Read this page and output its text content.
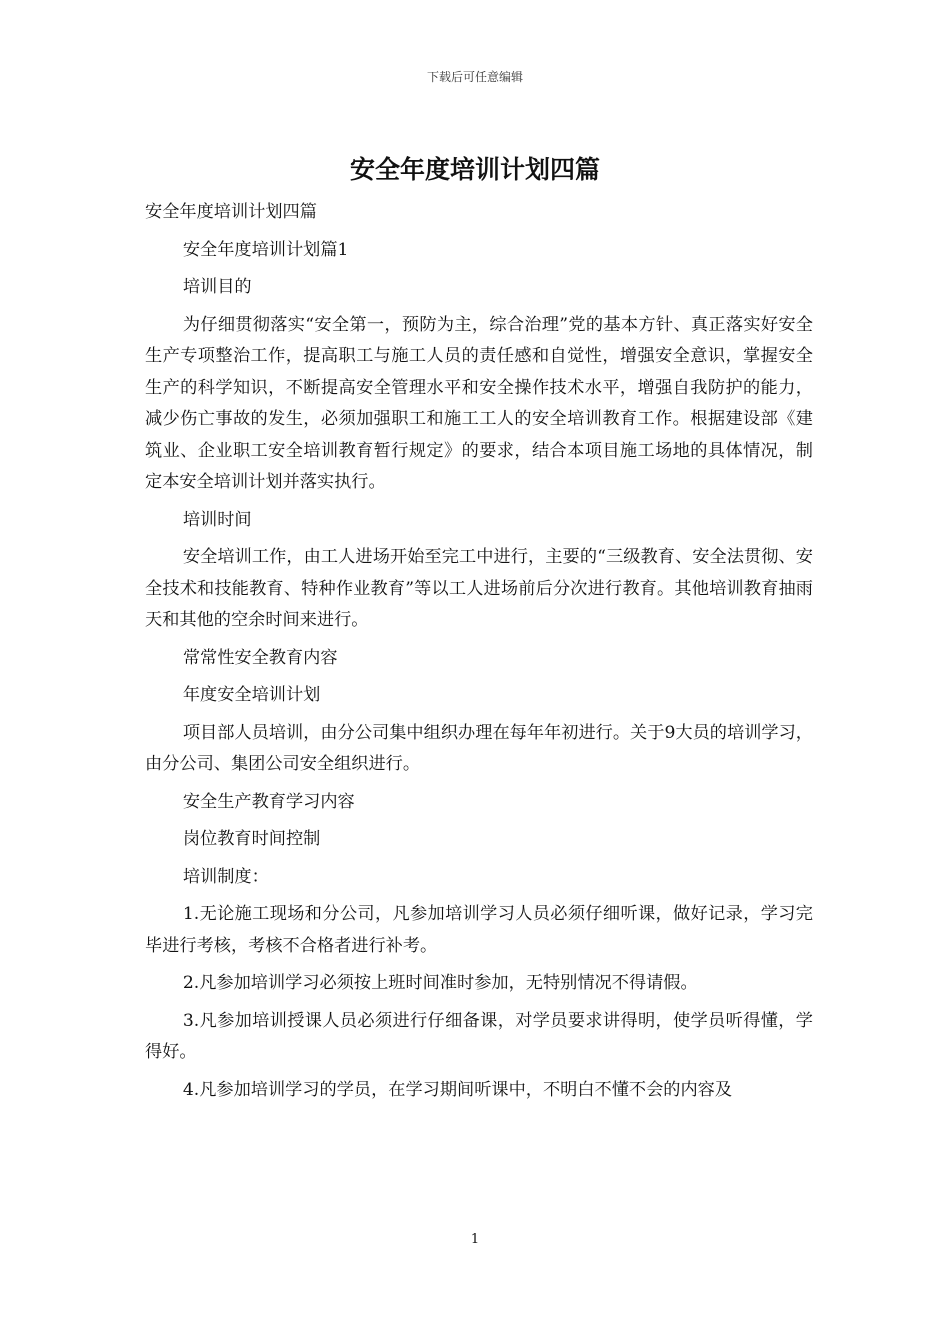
下载后可任意编辑
安全年度培训计划四篇

安全年度培训计划四篇

安全年度培训计划篇1

培训目的

为仔细贯彻落实“安全第一，预防为主，综合治理”党的基本方针、真正落实好安全生产专项整治工作，提高职工与施工人员的责任感和自觉性，增强安全意识，掌握安全生产的科学知识，不断提高安全管理水平和安全操作技术水平，增强自我防护的能力，减少伤亡事故的发生，必须加强职工和施工工人的安全培训教育工作。根据建设部《建筑业、企业职工安全培训教育暂行规定》的要求，结合本项目施工场地的具体情况，制定本安全培训计划并落实执行。

培训时间

安全培训工作，由工人进场开始至完工中进行，主要的“三级教育、安全法贯彻、安全技术和技能教育、特种作业教育”等以工人进场前后分次进行教育。其他培训教育抽雨天和其他的空余时间来进行。

常常性安全教育内容

年度安全培训计划

项目部人员培训，由分公司集中组织办理在每年年初进行。关于9大员的培训学习，由分公司、集团公司安全组织进行。

安全生产教育学习内容

岗位教育时间控制

培训制度：

1.无论施工现场和分公司，凡参加培训学习人员必须仔细听课，做好记录，学习完毕进行考核，考核不合格者进行补考。

2.凡参加培训学习必须按上班时间准时参加，无特别情况不得请假。

3.凡参加培训授课人员必须进行仔细备课，对学员要求讲得明，使学员听得懂，学得好。

4.凡参加培训学习的学员，在学习期间听课中，不明白不懂不会的内容及

1
